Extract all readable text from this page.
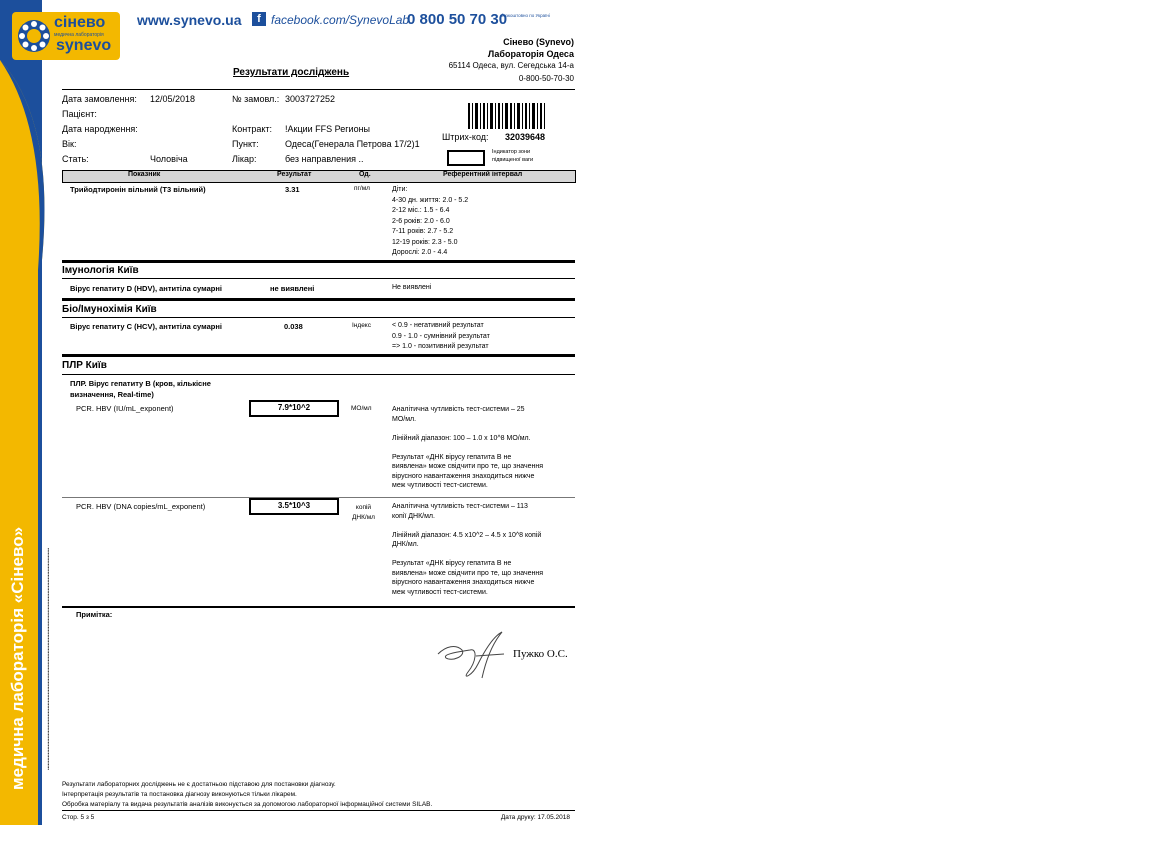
додає цінність діагнозу
медична лабораторія «Сінево»	•••••••••••••••••••••••••••••••••••••••••••••••••••••••••••••••••••••••••••••••••••••••••••••••••••••••••••••••••••••••••••••••••••••••••••••
сінево
медична лабораторія
synevo
www.synevo.ua	f facebook.com/SynevoLab
0 800 50 70 30
безкоштовно по Україні
Сінево (Synevo)
Лабораторія Одеса
65114 Одеса, вул. Сегедська 14-а
0-800-50-70-30
Результати досліджень
Дата замовлення: 12/05/2018	№ замовл.: 3003727252
Пацієнт:
Дата народження:	Контракт: !Акции FFS Регионы
Вік:	Пункт:	Одеса(Генерала Петрова 17/2)1
Стать:	Чоловіча	Лікар:	без направления ..
Штрих-код: 32039648
Індикатор зони підвищеної ваги
Показник	Результат	Од.	Референтний інтервал
Трийодтиронін вільний (Т3 вільний)	3.31	пг/мл	Діти:
4-30 дн. життя: 2.0 - 5.2
2-12 міс.: 1.5 - 6.4
2-6 років: 2.0 - 6.0
7-11 років: 2.7 - 5.2
12-19 років: 2.3 - 5.0
Дорослі: 2.0 - 4.4
Імунологія Київ
Вірус гепатиту D (HDV), антитіла сумарні	не виявлені	Не виявлені
Біо/Імунохімія Київ
Вірус гепатиту С (HCV), антитіла сумарні	0.038	Індекс	< 0.9 - негативний результат
0.9 - 1.0 - сумнівний результат
=> 1.0 - позитивний результат
ПЛР Київ
ПЛР. Вірус гепатиту В (кров, кількісне
визначення, Real-time)
PCR. HBV (IU/mL_exponent)	7.9*10^2	МО/мл	Аналітична чутливість тест-системи – 25
МО/мл.
Лінійний діапазон: 100 – 1.0 x 10^8 МО/мл.
Результат «ДНК вірусу гепатита В не
виявлена» може свідчити про те, що значення
вірусного навантаження знаходиться нижче
меж чутливості тест-системи.
PCR. HBV (DNA copies/mL_exponent)	3.5*10^3	копій
ДНК/мл
Аналітична чутливість тест-системи – 113
копії ДНК/мл.
Лінійний діапазон: 4.5 x10^2 – 4.5 x 10^8 копій
ДНК/мл.
Результат «ДНК вірусу гепатита В не
виявлена» може свідчити про те, що значення
вірусного навантаження знаходиться нижче
меж чутливості тест-системи.
Примітка:
Пужко О.С.
Результати лабораторних досліджень не є достатньою підставою для постановки діагнозу.
Інтерпретація результатів та постановка діагнозу виконуються тільки лікарем.
Обробка матеріалу та видача результатів аналізів виконується за допомогою лабораторної інформаційної системи SILAB.
Стор. 5 з 5	Дата друку: 17.05.2018
